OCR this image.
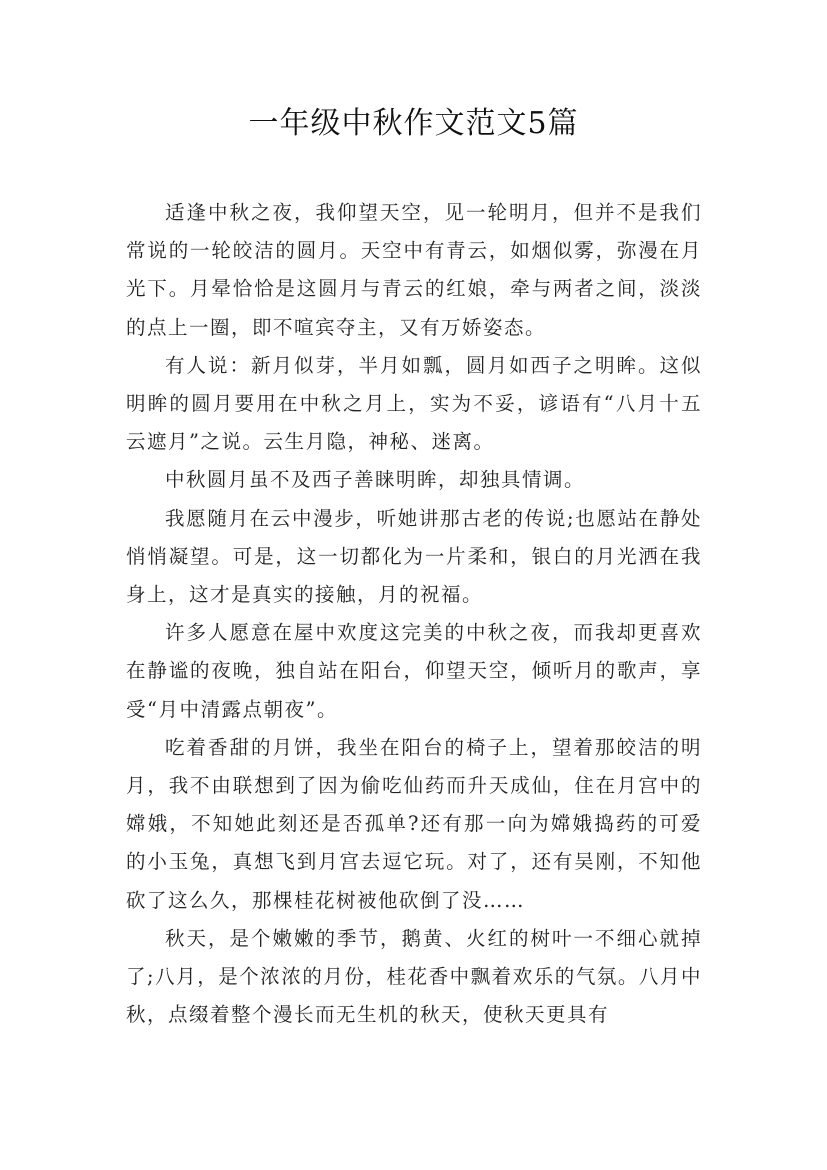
一年级中秋作文范文5篇

适逢中秋之夜，我仰望天空，见一轮明月，但并不是我们常说的一轮皎洁的圆月。天空中有青云，如烟似雾，弥漫在月光下。月晕恰恰是这圆月与青云的红娘，牵与两者之间，淡淡的点上一圈，即不喧宾夺主，又有万娇姿态。

有人说：新月似芽，半月如瓢，圆月如西子之明眸。这似明眸的圆月要用在中秋之月上，实为不妥，谚语有“八月十五云遮月”之说。云生月隐，神秘、迷离。

中秋圆月虽不及西子善睐明眸，却独具情调。

我愿随月在云中漫步，听她讲那古老的传说;也愿站在静处悄悄凝望。可是，这一切都化为一片柔和，银白的月光洒在我身上，这才是真实的接触，月的祝福。

许多人愿意在屋中欢度这完美的中秋之夜，而我却更喜欢在静谧的夜晚，独自站在阳台，仰望天空，倾听月的歌声，享受“月中清露点朝夜”。

吃着香甜的月饼，我坐在阳台的椅子上，望着那皎洁的明月，我不由联想到了因为偷吃仙药而升天成仙，住在月宫中的嫦娥，不知她此刻还是否孤单?还有那一向为嫦娥捣药的可爱的小玉兔，真想飞到月宫去逗它玩。对了，还有吴刚，不知他砍了这么久，那棵桂花树被他砍倒了没……

秋天，是个嫩嫩的季节，鹅黄、火红的树叶一不细心就掉了;八月，是个浓浓的月份，桂花香中飘着欢乐的气氛。八月中秋，点缀着整个漫长而无生机的秋天，使秋天更具有
